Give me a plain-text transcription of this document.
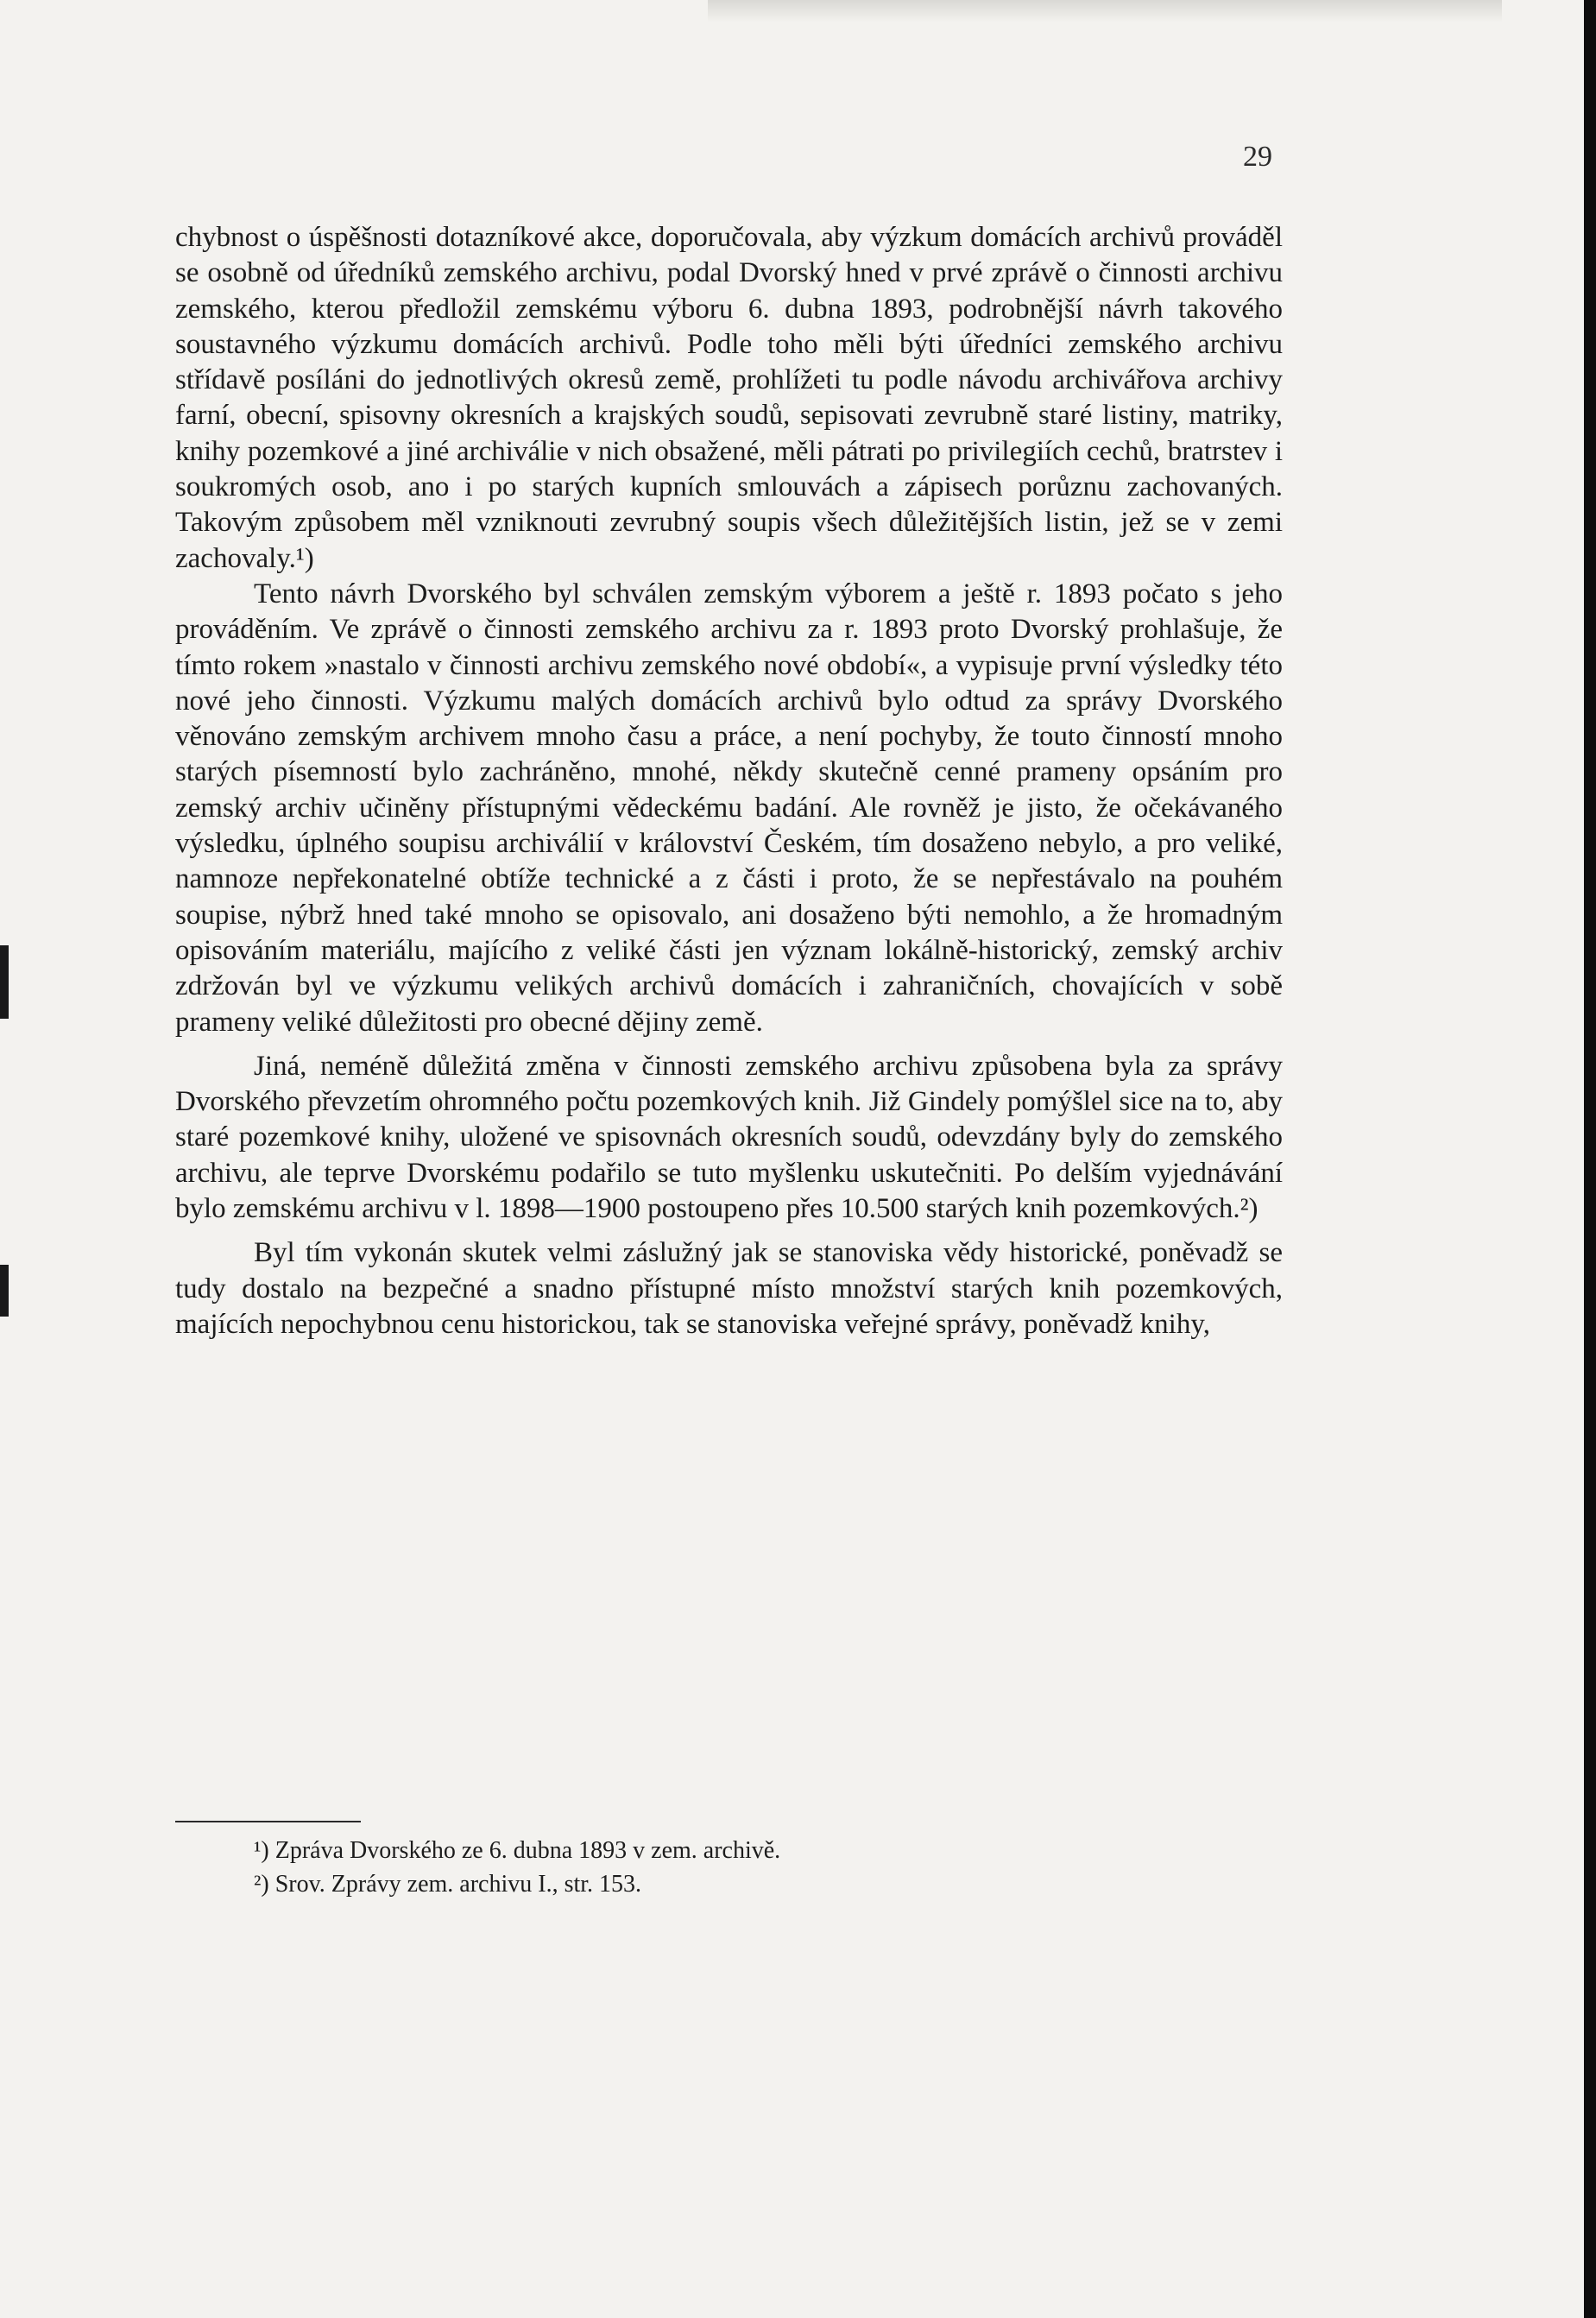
29

chybnost o úspěšnosti dotazníkové akce, doporučovala, aby výzkum domácích archivů prováděl se osobně od úředníků zemského archivu, podal Dvorský hned v prvé zprávě o činnosti archivu zemského, kterou předložil zemskému výboru 6. dubna 1893, podrobnější návrh takového soustavného výzkumu domácích archivů. Podle toho měli býti úředníci zemského archivu střídavě posíláni do jednotlivých okresů země, prohlížeti tu podle návodu archivářova archivy farní, obecní, spisovny okresních a krajských soudů, sepisovati zevrubně staré listiny, matriky, knihy pozemkové a jiné archiválie v nich obsažené, měli pátrati po privilegiích cechů, bratrstev i soukromých osob, ano i po starých kupních smlouvách a zápisech porůznu zachovaných. Takovým způsobem měl vzniknouti zevrubný soupis všech důležitějších listin, jež se v zemi zachovaly.¹)

Tento návrh Dvorského byl schválen zemským výborem a ještě r. 1893 počato s jeho prováděním. Ve zprávě o činnosti zemského archivu za r. 1893 proto Dvorský prohlašuje, že tímto rokem »nastalo v činnosti archivu zemského nové období«, a vypisuje první výsledky této nové jeho činnosti. Výzkumu malých domácích archivů bylo odtud za správy Dvorského věnováno zemským archivem mnoho času a práce, a není pochyby, že touto činností mnoho starých písemností bylo zachráněno, mnohé, někdy skutečně cenné prameny opsáním pro zemský archiv učiněny přístupnými vědeckému badání. Ale rovněž je jisto, že očekávaného výsledku, úplného soupisu archiválií v království Českém, tím dosaženo nebylo, a pro veliké, namnoze nepřekonatelné obtíže technické a z části i proto, že se nepřestávalo na pouhém soupise, nýbrž hned také mnoho se opisovalo, ani dosaženo býti nemohlo, a že hromadným opisováním materiálu, majícího z veliké části jen význam lokálně-historický, zemský archiv zdržován byl ve výzkumu velikých archivů domácích i zahraničních, chovajících v sobě prameny veliké důležitosti pro obecné dějiny země.

Jiná, neméně důležitá změna v činnosti zemského archivu způsobena byla za správy Dvorského převzetím ohromného počtu pozemkových knih. Již Gindely pomýšlel sice na to, aby staré pozemkové knihy, uložené ve spisovnách okresních soudů, odevzdány byly do zemského archivu, ale teprve Dvorskému podařilo se tuto myšlenku uskutečniti. Po delším vyjednávání bylo zemskému archivu v l. 1898—1900 postoupeno přes 10.500 starých knih pozemkových.²)

Byl tím vykonán skutek velmi záslužný jak se stanoviska vědy historické, poněvadž se tudy dostalo na bezpečné a snadno přístupné místo množství starých knih pozemkových, majících nepochybnou cenu historickou, tak se stanoviska veřejné správy, poněvadž knihy,

¹) Zpráva Dvorského ze 6. dubna 1893 v zem. archivě.
²) Srov. Zprávy zem. archivu I., str. 153.
